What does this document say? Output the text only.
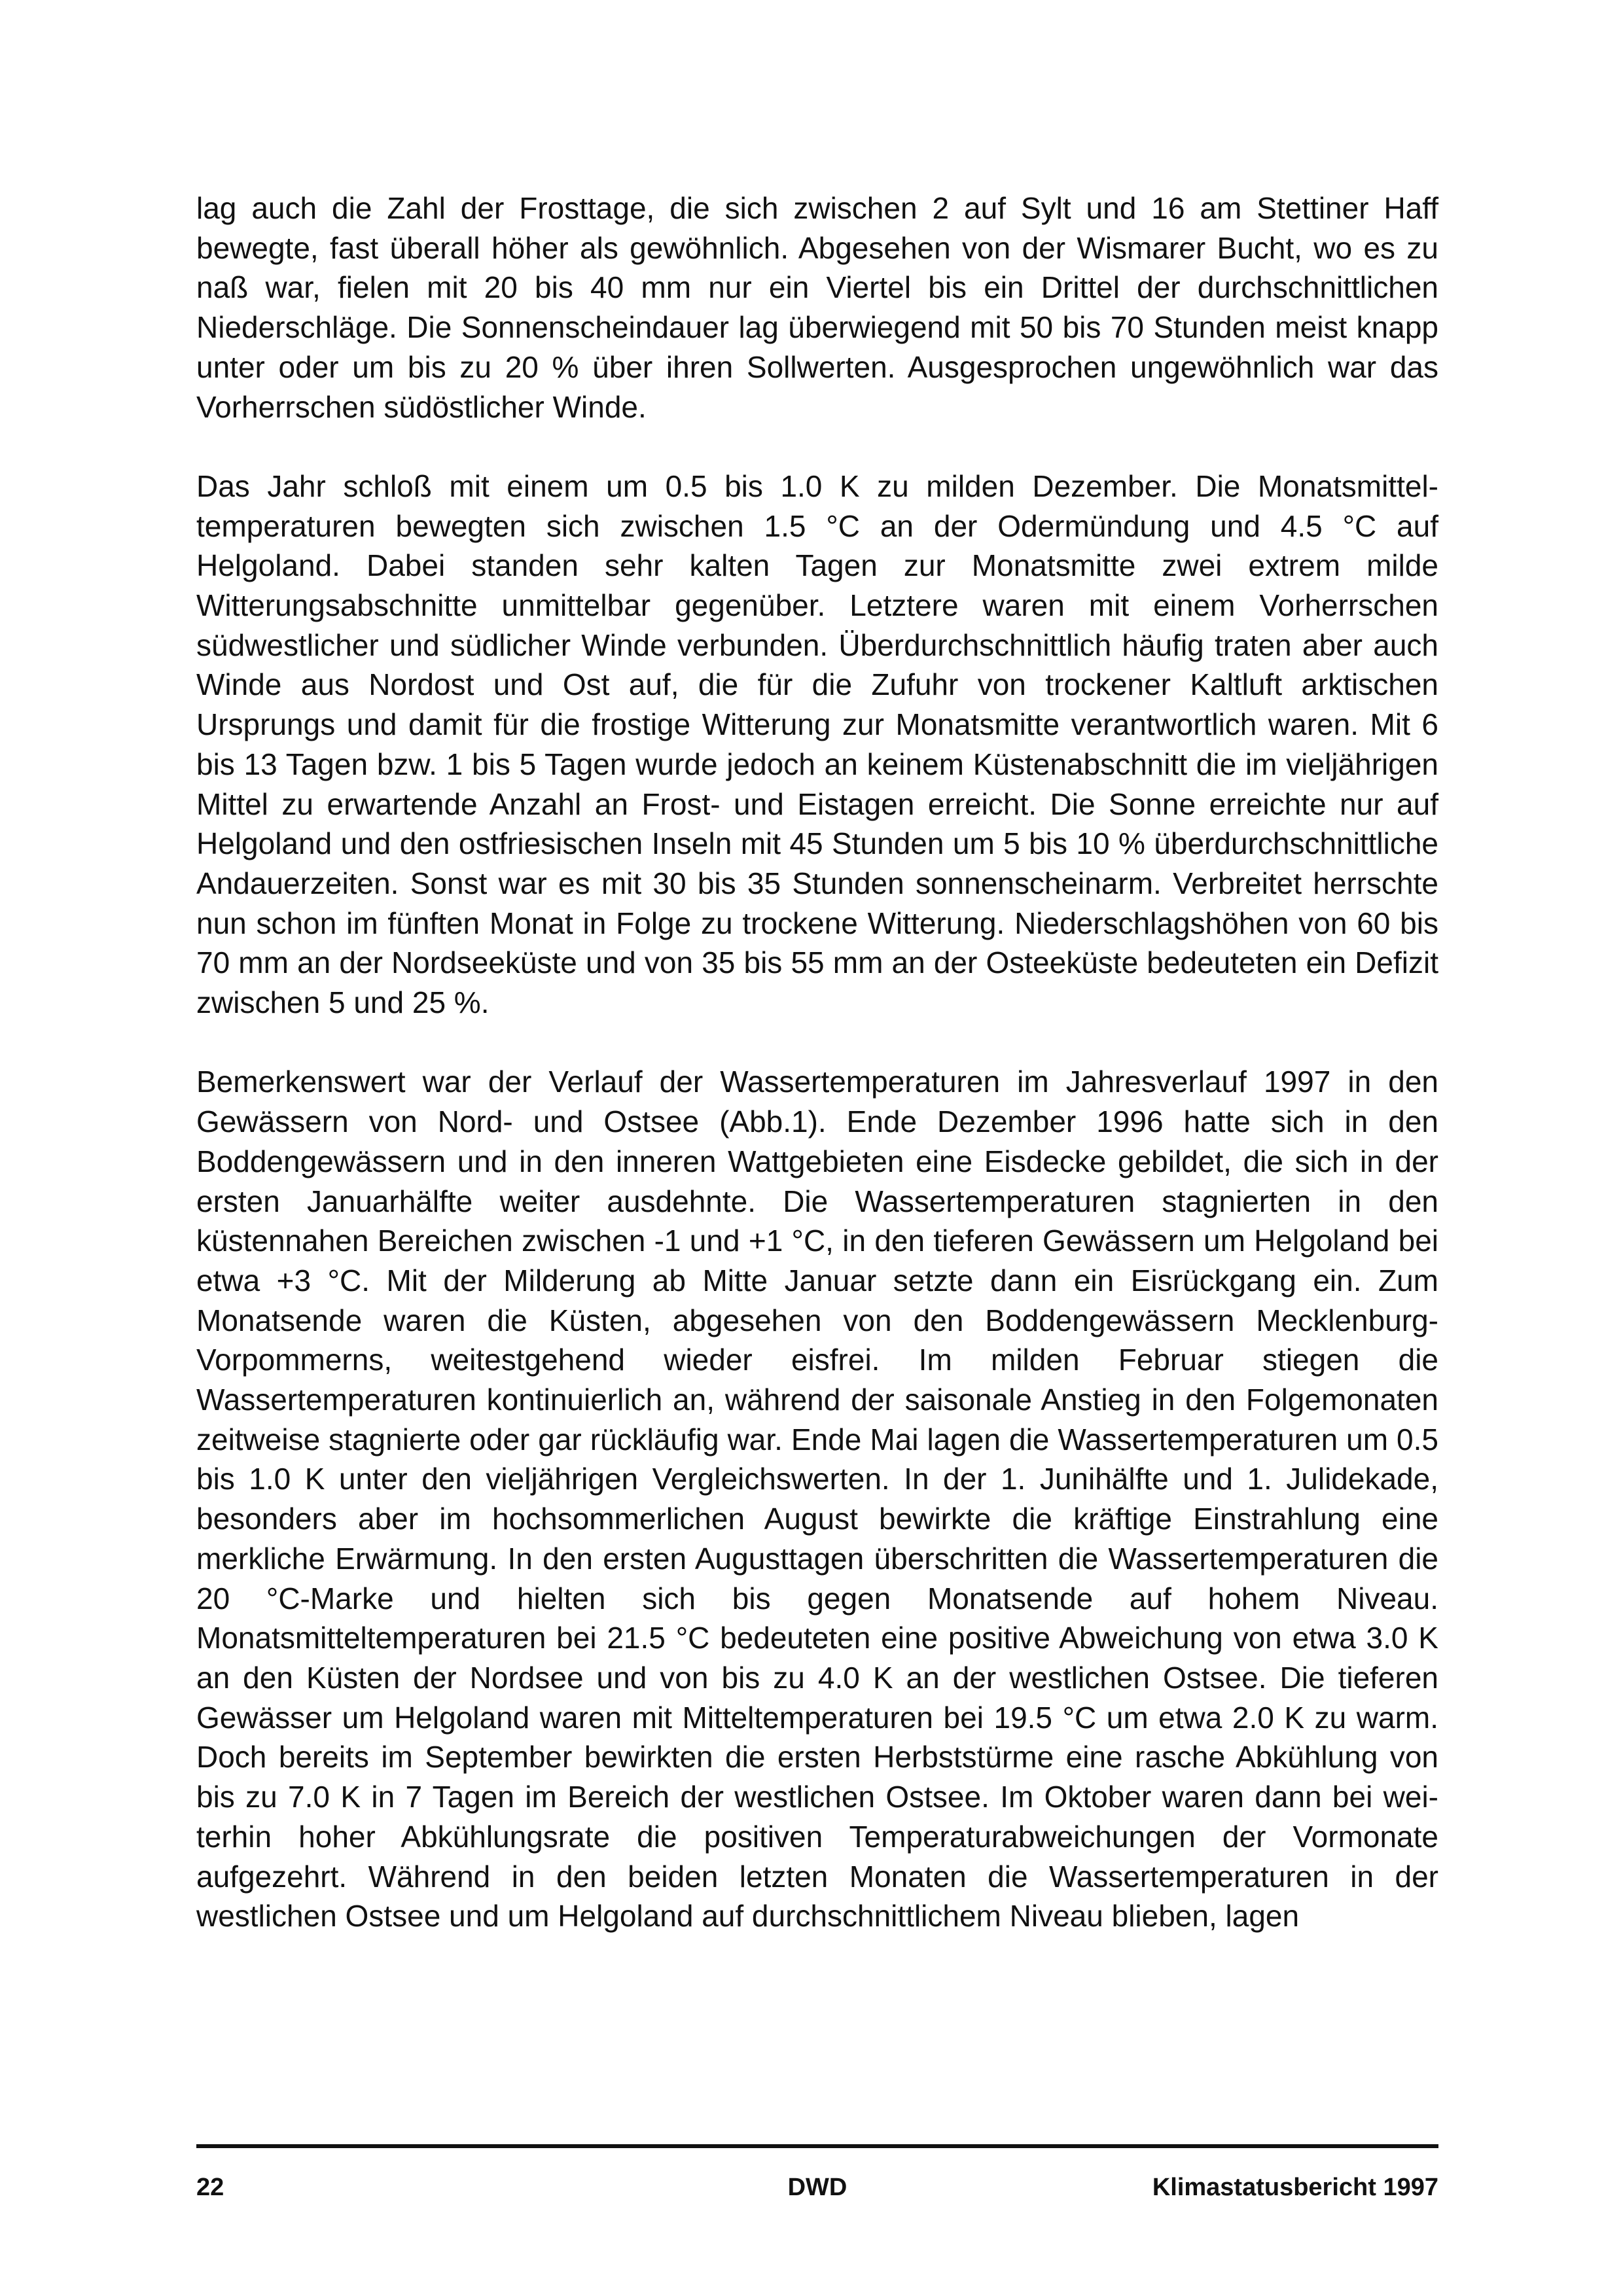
lag auch die Zahl der Frosttage, die sich zwischen 2 auf Sylt und 16 am Stettiner Haff bewegte, fast überall höher als gewöhnlich. Abgesehen von der Wismarer Bucht, wo es zu naß war, fielen mit 20 bis 40 mm nur ein Viertel bis ein Drittel der durchschnittlichen Niederschläge. Die Sonnenscheindauer lag überwiegend mit 50 bis 70 Stunden meist knapp unter oder um bis zu 20 % über ihren Sollwerten. Ausgesprochen ungewöhnlich war das Vorherrschen südöstlicher Winde.

Das Jahr schloß mit einem um 0.5 bis 1.0 K zu milden Dezember. Die Monatsmitteltemperaturen bewegten sich zwischen 1.5 °C an der Odermündung und 4.5 °C auf Helgoland. Dabei standen sehr kalten Tagen zur Monatsmitte zwei extrem milde Witterungsabschnitte unmittelbar gegenüber. Letztere waren mit einem Vorherrschen südwestlicher und südlicher Winde verbunden. Überdurchschnittlich häufig traten aber auch Winde aus Nordost und Ost auf, die für die Zufuhr von trockener Kaltluft arktischen Ursprungs und damit für die frostige Witterung zur Monatsmitte verantwortlich waren. Mit 6 bis 13 Tagen bzw. 1 bis 5 Tagen wurde jedoch an keinem Küstenabschnitt die im vieljährigen Mittel zu erwartende Anzahl an Frost- und Eistagen erreicht. Die Sonne erreichte nur auf Helgoland und den ostfriesischen Inseln mit 45 Stunden um 5 bis 10 % überdurchschnittliche Andauerzeiten. Sonst war es mit 30 bis 35 Stunden sonnenscheinarm. Verbreitet herrschte nun schon im fünften Monat in Folge zu trockene Witterung. Niederschlagshöhen von 60 bis 70 mm an der Nordseeküste und von 35 bis 55 mm an der Osteeküste bedeuteten ein Defizit zwischen 5 und 25 %.

Bemerkenswert war der Verlauf der Wassertemperaturen im Jahresverlauf 1997 in den Gewässern von Nord- und Ostsee (Abb.1). Ende Dezember 1996 hatte sich in den Boddengewässern und in den inneren Wattgebieten eine Eisdecke gebildet, die sich in der ersten Januarhälfte weiter ausdehnte. Die Wassertemperaturen stagnierten in den küstennahen Bereichen zwischen -1 und +1 °C, in den tieferen Gewässern um Helgoland bei etwa +3 °C. Mit der Milderung ab Mitte Januar setzte dann ein Eisrückgang ein. Zum Monatsende waren die Küsten, abgesehen von den Boddengewässern Mecklenburg-Vorpommerns, weitestgehend wieder eisfrei. Im milden Februar stiegen die Wassertemperaturen kontinuierlich an, während der saisonale Anstieg in den Folgemonaten zeitweise stagnierte oder gar rückläufig war. Ende Mai lagen die Wassertemperaturen um 0.5 bis 1.0 K unter den vieljährigen Vergleichswerten. In der 1. Junihälfte und 1. Julidekade, besonders aber im hochsommerlichen August bewirkte die kräftige Einstrahlung eine merkliche Erwärmung. In den ersten Augusttagen überschritten die Wassertemperaturen die 20 °C-Marke und hielten sich bis gegen Monatsende auf hohem Niveau. Monatsmitteltemperaturen bei 21.5 °C bedeuteten eine positive Abweichung von etwa 3.0 K an den Küsten der Nordsee und von bis zu 4.0 K an der westlichen Ostsee. Die tieferen Gewässer um Helgoland waren mit Mitteltemperaturen bei 19.5 °C um etwa 2.0 K zu warm. Doch bereits im September bewirkten die ersten Herbststürme eine rasche Abkühlung von bis zu 7.0 K in 7 Tagen im Bereich der westlichen Ostsee. Im Oktober waren dann bei weiterhin hoher Abkühlungsrate die positiven Temperaturabweichungen der Vormonate aufgezehrt. Während in den beiden letzten Monaten die Wassertemperaturen in der westlichen Ostsee und um Helgoland auf durchschnittlichem Niveau blieben, lagen

22	DWD	Klimastatusbericht 1997
